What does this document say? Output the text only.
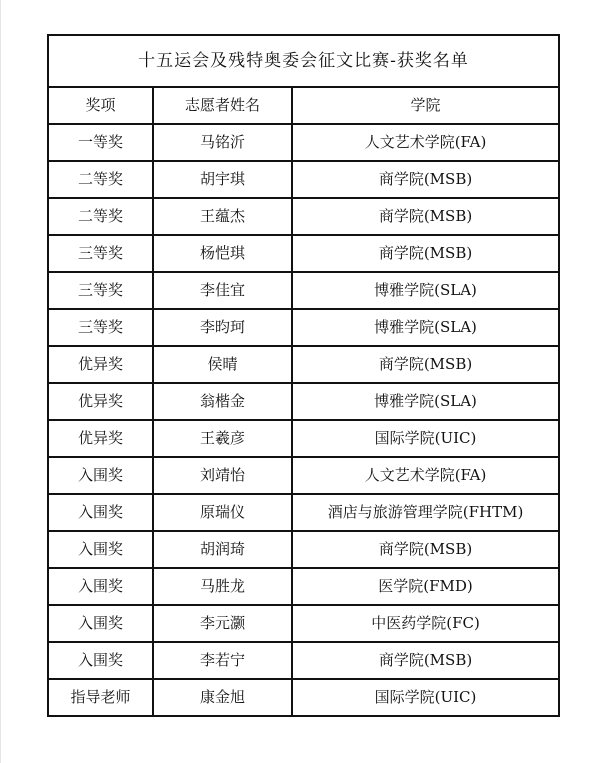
十五运会及残特奥委会征文比赛-获奖名单		
奖项	志愿者姓名	学院
一等奖	马铭沂	人文艺术学院(FA)
二等奖	胡宇琪	商学院(MSB)
二等奖	王蕴杰	商学院(MSB)
三等奖	杨恺琪	商学院(MSB)
三等奖	李佳宜	博雅学院(SLA)
三等奖	李昀珂	博雅学院(SLA)
优异奖	侯晴	商学院(MSB)
优异奖	翁楷金	博雅学院(SLA)
优异奖	王羲彦	国际学院(UIC)
入围奖	刘靖怡	人文艺术学院(FA)
入围奖	原瑞仪	酒店与旅游管理学院(FHTM)
入围奖	胡润琦	商学院(MSB)
入围奖	马胜龙	医学院(FMD)
入围奖	李元灏	中医药学院(FC)
入围奖	李若宁	商学院(MSB)
指导老师	康金旭	国际学院(UIC)
